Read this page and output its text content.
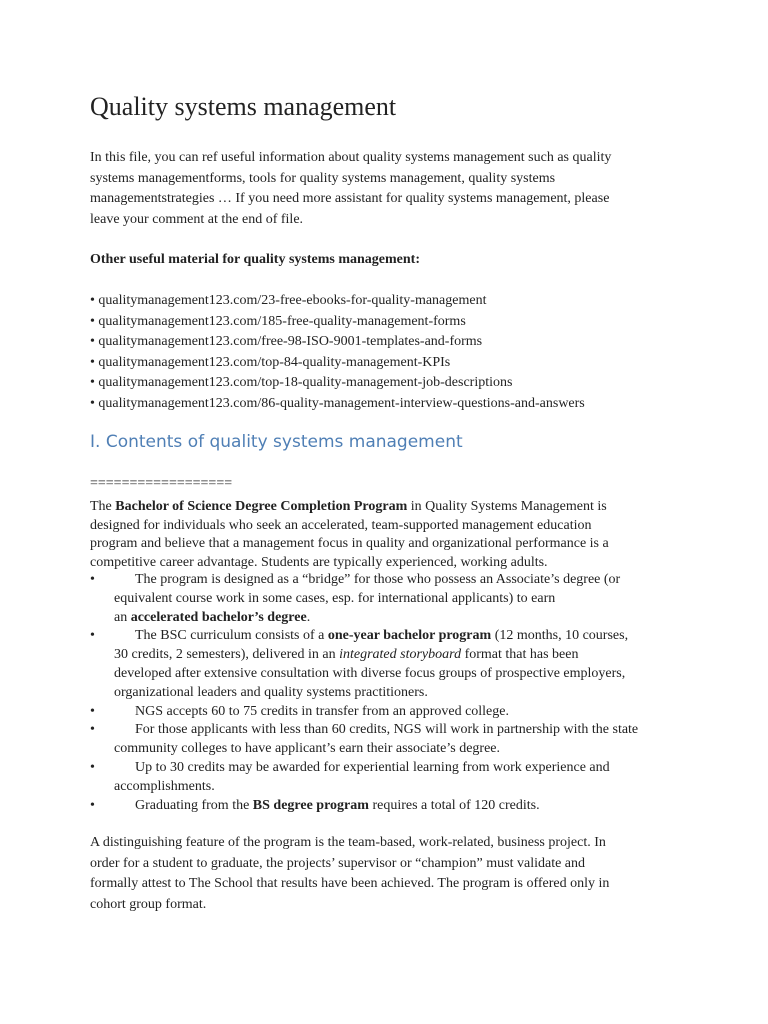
Quality systems management

In this file, you can ref useful information about quality systems management such as quality
systems managementforms, tools for quality systems management, quality systems
managementstrategies … If you need more assistant for quality systems management, please
leave your comment at the end of file.

Other useful material for quality systems management:

• qualitymanagement123.com/23-free-ebooks-for-quality-management
• qualitymanagement123.com/185-free-quality-management-forms
• qualitymanagement123.com/free-98-ISO-9001-templates-and-forms
• qualitymanagement123.com/top-84-quality-management-KPIs
• qualitymanagement123.com/top-18-quality-management-job-descriptions
• qualitymanagement123.com/86-quality-management-interview-questions-and-answers
I. Contents of quality systems management
==================

The Bachelor of Science Degree Completion Program in Quality Systems Management is
designed for individuals who seek an accelerated, team-supported management education
program and believe that a management focus in quality and organizational performance is a
competitive career advantage. Students are typically experienced, working adults.

•	The program is designed as a “bridge” for those who possess an Associate’s degree (or
equivalent course work in some cases, esp. for international applicants) to earn
an accelerated bachelor’s degree.
•	The BSC curriculum consists of a one-year bachelor program (12 months, 10 courses,
30 credits, 2 semesters), delivered in an integrated storyboard format that has been
developed after extensive consultation with diverse focus groups of prospective employers,
organizational leaders and quality systems practitioners.
•	NGS accepts 60 to 75 credits in transfer from an approved college.
•	For those applicants with less than 60 credits, NGS will work in partnership with the state
community colleges to have applicant’s earn their associate’s degree.
•	Up to 30 credits may be awarded for experiential learning from work experience and
accomplishments.
•	Graduating from the BS degree program requires a total of 120 credits.

A distinguishing feature of the program is the team-based, work-related, business project. In
order for a student to graduate, the projects’ supervisor or “champion” must validate and
formally attest to The School that results have been achieved. The program is offered only in
cohort group format.
